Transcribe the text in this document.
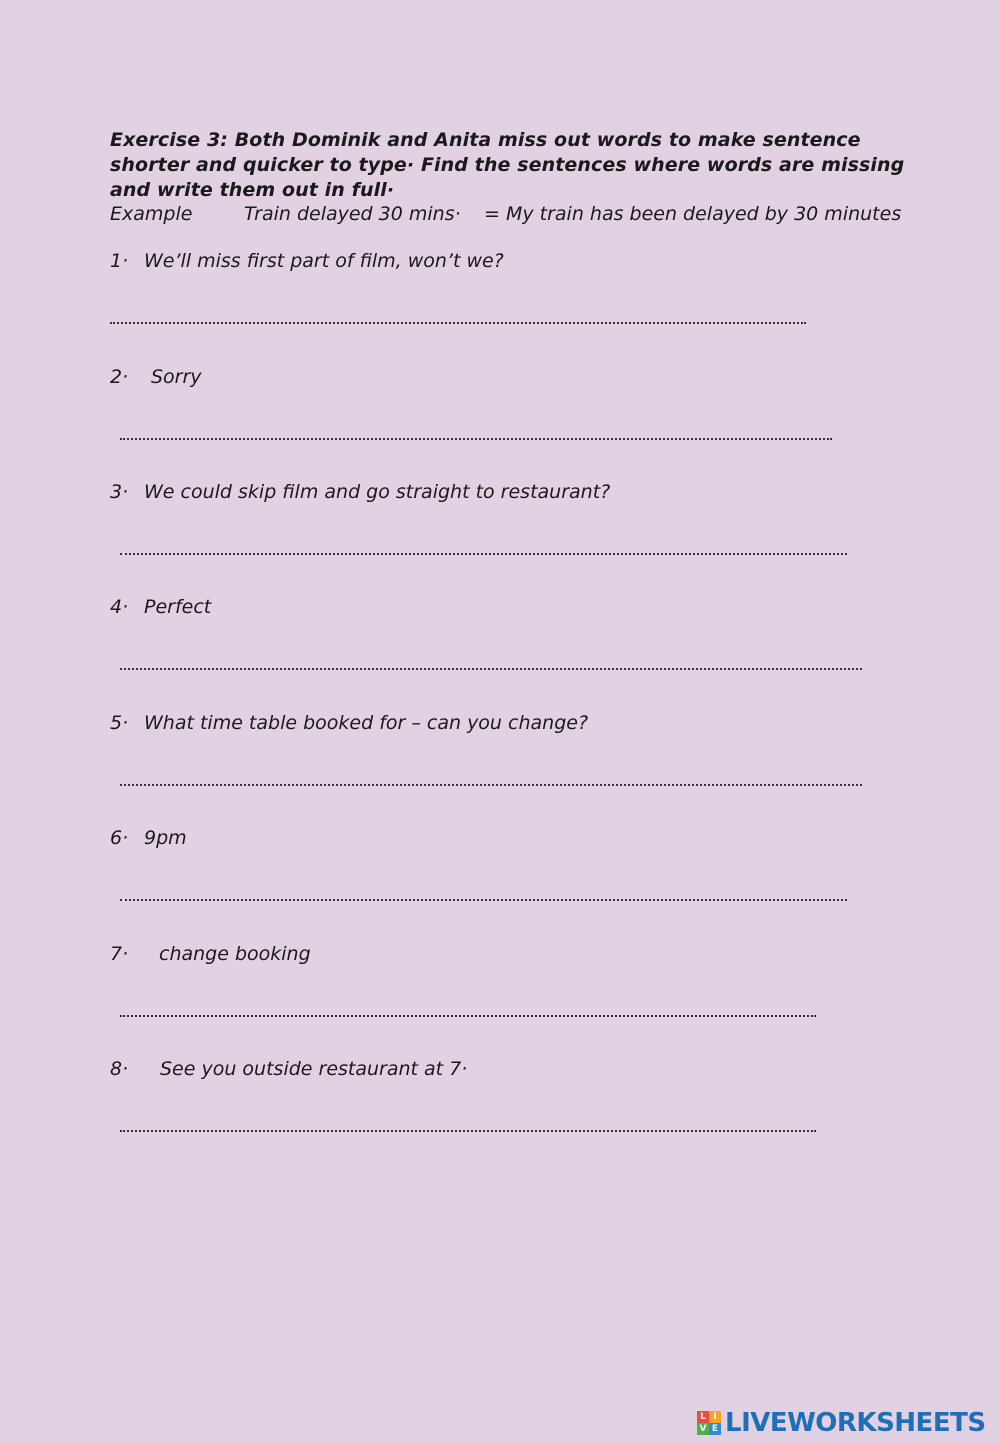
Exercise 3: Both Dominik and Anita miss out words to make sentence shorter and quicker to type· Find the sentences where words are missing and write them out in full·
Example	Train delayed 30 mins· = My train has been delayed by 30 minutes
1· We’ll miss first part of film, won’t we?
2· Sorry
3· We could skip film and go straight to restaurant?
4· Perfect
5· What time table booked for – can you change?
6· 9pm
7· change booking
8· See you outside restaurant at 7·
L I
V E LIVEWORKSHEETS
